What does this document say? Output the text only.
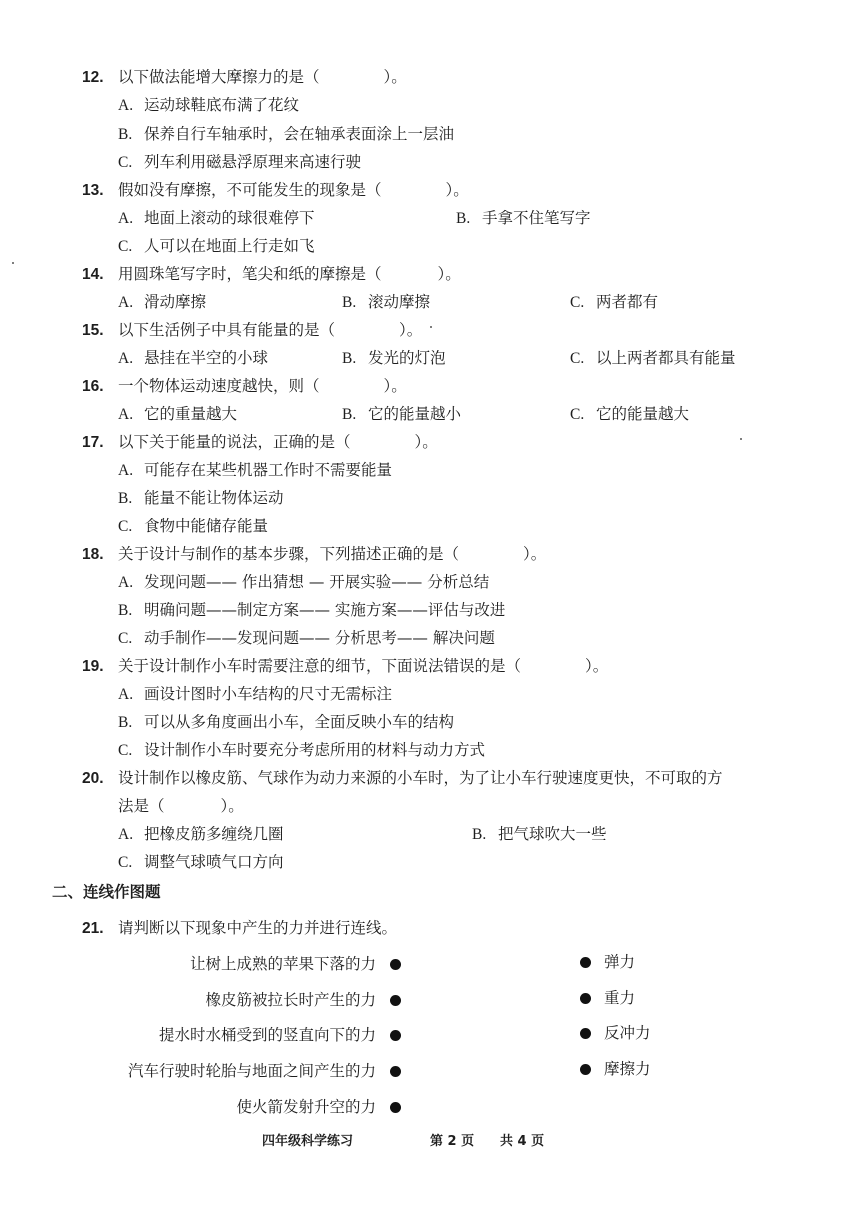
12. 以下做法能增大摩擦力的是（	）。
A. 运动球鞋底布满了花纹
B. 保养自行车轴承时，会在轴承表面涂上一层油
C. 列车利用磁悬浮原理来高速行驶
13. 假如没有摩擦，不可能发生的现象是（	）。
A. 地面上滚动的球很难停下	B. 手拿不住笔写字
C. 人可以在地面上行走如飞
14. 用圆珠笔写字时，笔尖和纸的摩擦是（	）。
A. 滑动摩擦	B. 滚动摩擦	C. 两者都有
15. 以下生活例子中具有能量的是（	）。
A. 悬挂在半空的小球	B. 发光的灯泡	C. 以上两者都具有能量
16. 一个物体运动速度越快，则（	）。
A. 它的重量越大	B. 它的能量越小	C. 它的能量越大
17. 以下关于能量的说法，正确的是（	）。
A. 可能存在某些机器工作时不需要能量
B. 能量不能让物体运动
C. 食物中能储存能量
18. 关于设计与制作的基本步骤，下列描述正确的是（	）。
A. 发现问题—— 作出猜想 — 开展实验—— 分析总结
B. 明确问题——制定方案—— 实施方案——评估与改进
C. 动手制作——发现问题—— 分析思考—— 解决问题
19. 关于设计制作小车时需要注意的细节，下面说法错误的是（	）。
A. 画设计图时小车结构的尺寸无需标注
B. 可以从多角度画出小车，全面反映小车的结构
C. 设计制作小车时要充分考虑所用的材料与动力方式
20. 设计制作以橡皮筋、气球作为动力来源的小车时，为了让小车行驶速度更快，不可取的方
法是（	）。
A. 把橡皮筋多缠绕几圈	B. 把气球吹大一些
C. 调整气球喷气口方向
二、连线作图题
21. 请判断以下现象中产生的力并进行连线。
让树上成熟的苹果下落的力
橡皮筋被拉长时产生的力
提水时水桶受到的竖直向下的力
汽车行驶时轮胎与地面之间产生的力
使火箭发射升空的力
弹力
重力
反冲力
摩擦力
四年级科学练习	第 2 页 共 4 页
